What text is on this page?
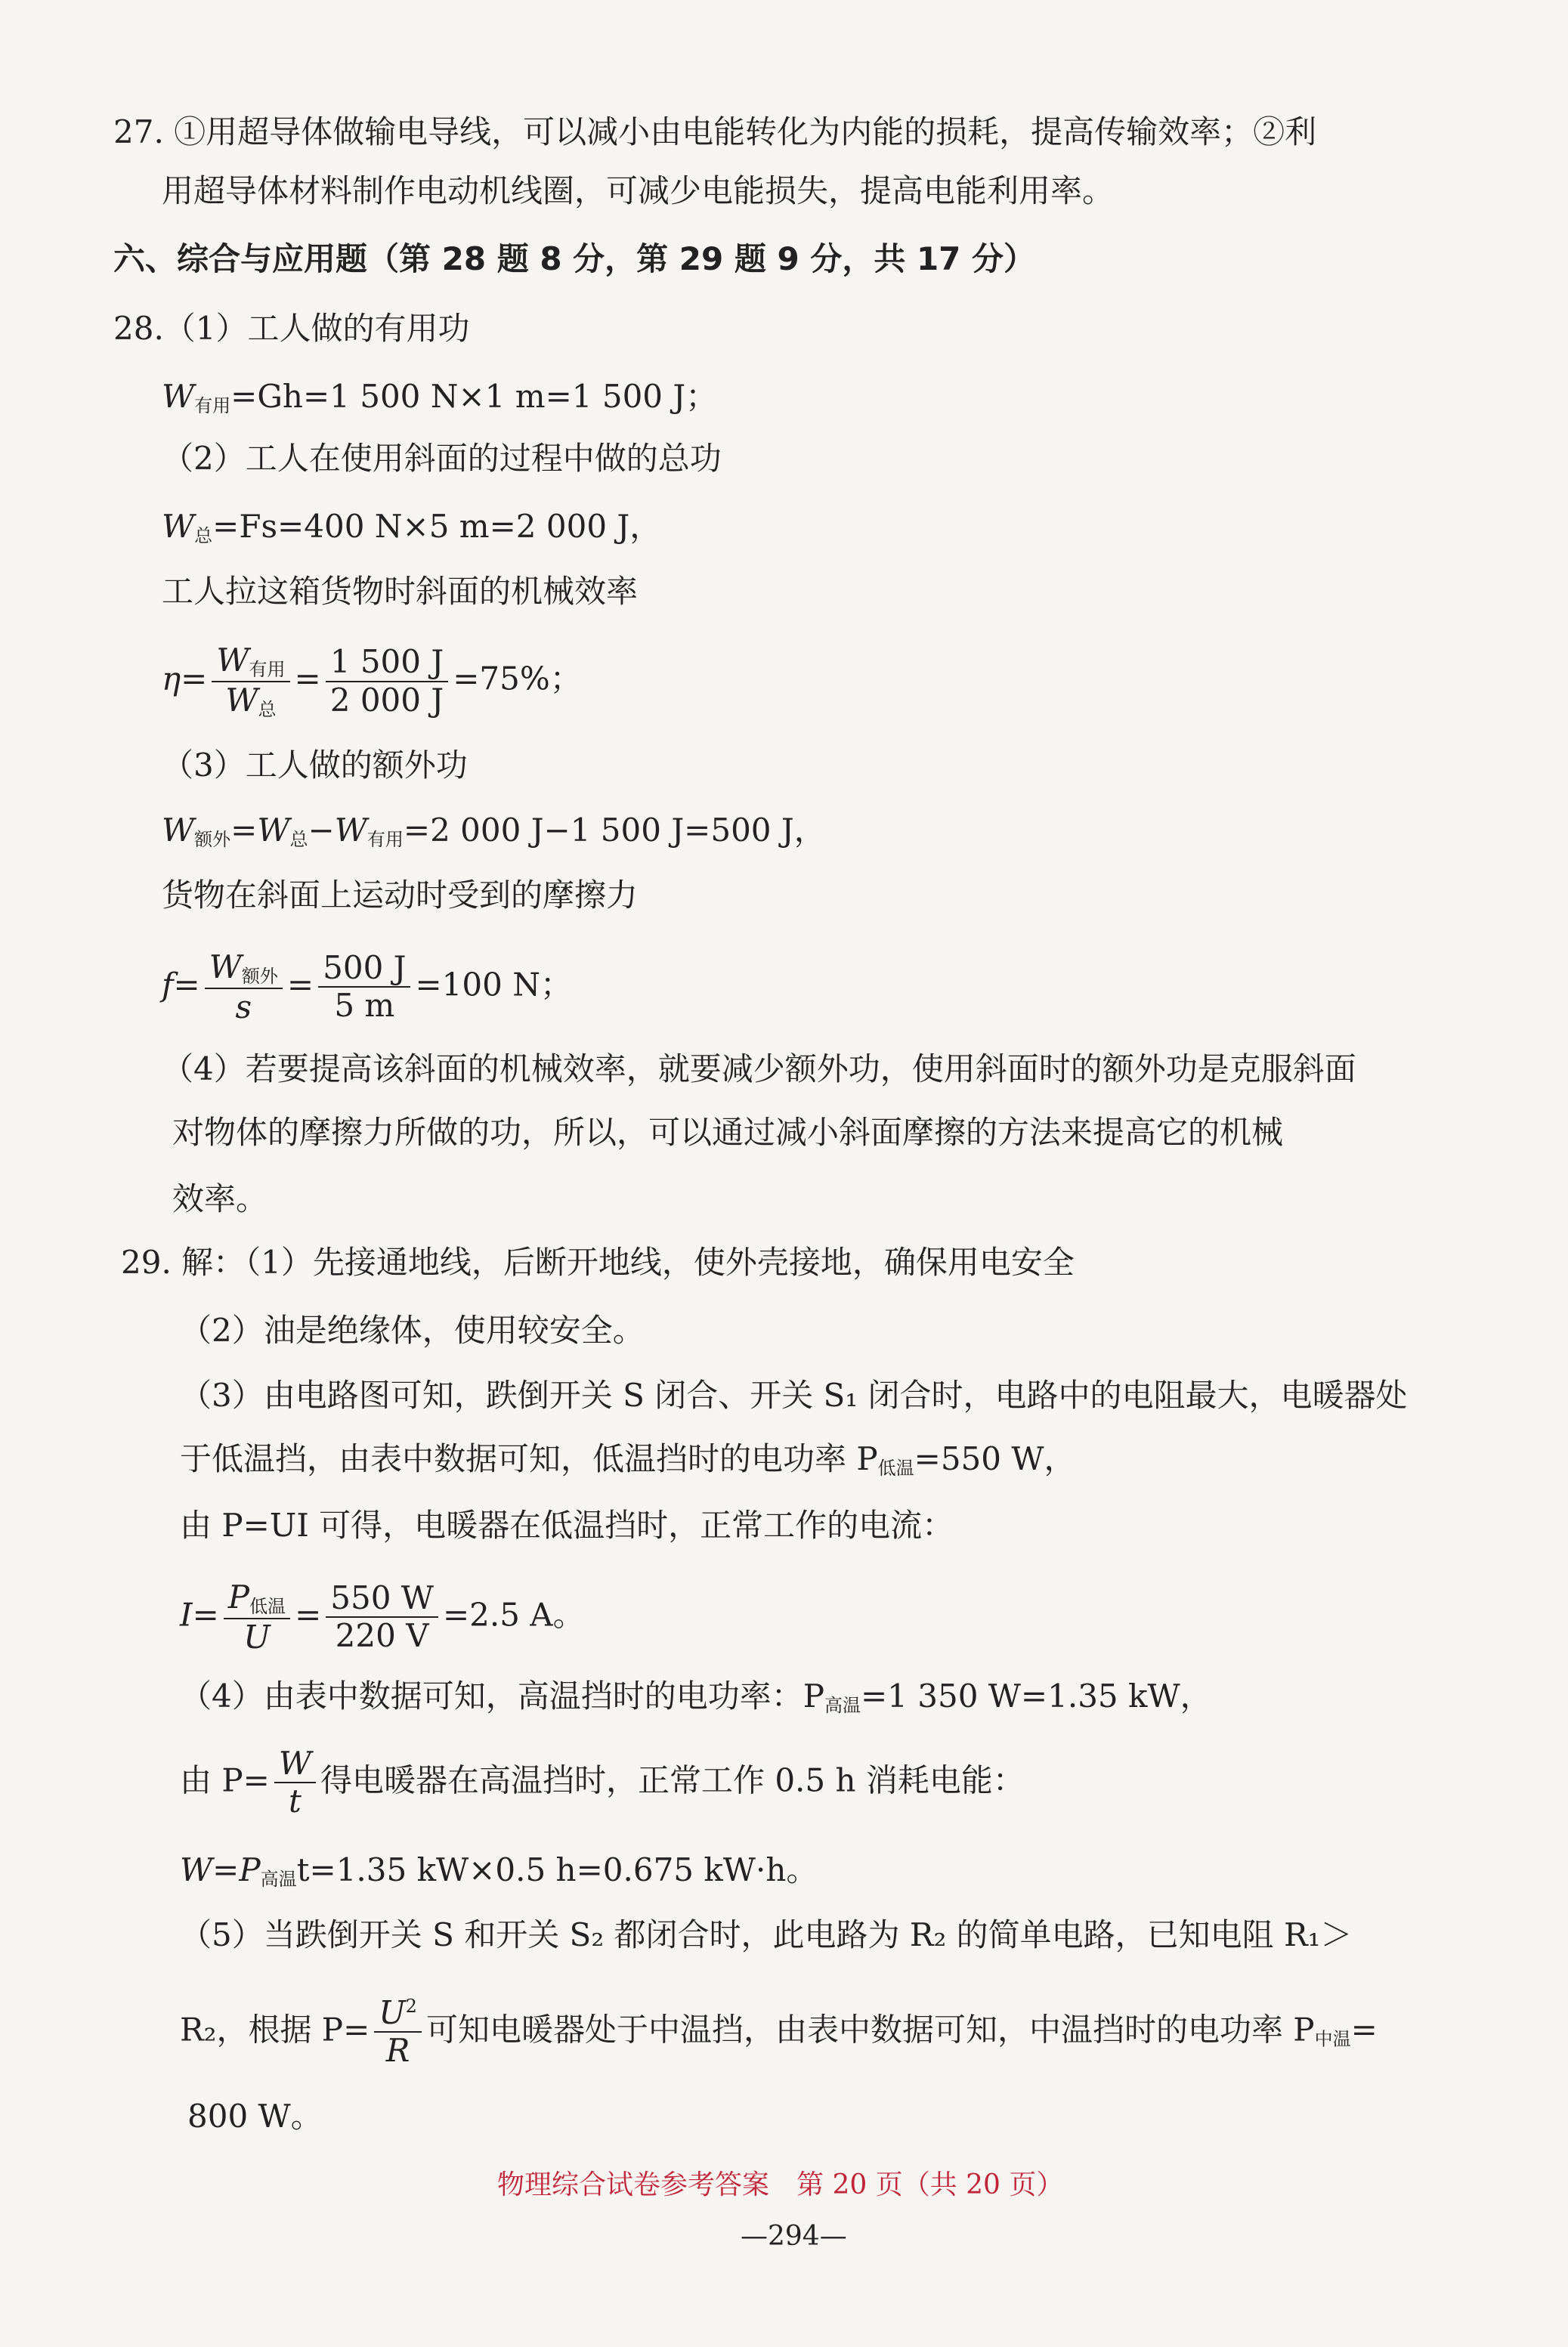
27. ①用超导体做输电导线，可以减小由电能转化为内能的损耗，提高传输效率；②利
用超导体材料制作电动机线圈，可减少电能损失，提高电能利用率。
六、综合与应用题（第 28 题 8 分，第 29 题 9 分，共 17 分）
28.（1）工人做的有用功
$W_{有用}=Gh=1$ 500 N×1 m=1 500 J；
（2）工人在使用斜面的过程中做的总功
$W_总=Fs=400$ N×5 m=2 000 J，
工人拉这箱货物时斜面的机械效率
$\eta= \frac{W_{有用}}{W_总} = \frac{1 500 J}{2 000 J} =75\%$；
（3）工人做的额外功
$W_{额外}=W_总-W_{有用}=2$ 000 J−1 500 J=500 J，
货物在斜面上运动时受到的摩擦力
$f= \frac{W_{额外}}{s} = \frac{500 J}{5 m} =100$ N；
（4）若要提高该斜面的机械效率，就要减少额外功，使用斜面时的额外功是克服斜面
对物体的摩擦力所做的功，所以，可以通过减小斜面摩擦的方法来提高它的机械
效率。
29. 解：（1）先接通地线，后断开地线，使外壳接地，确保用电安全
（2）油是绝缘体，使用较安全。
（3）由电路图可知，跌倒开关 S 闭合、开关 S₁ 闭合时，电路中的电阻最大，电暖器处
于低温挡，由表中数据可知，低温挡时的电功率 $P_{低温}=550$ W，
由 P=UI 可得，电暖器在低温挡时，正常工作的电流：
$I= \frac{P_{低温}}{U} = \frac{550 W}{220 V} =2.5$ A。
（4）由表中数据可知，高温挡时的电功率：$P_{高温}=1$ 350 W=1.35 kW，
由 $P= \frac{W}{t}$ 得电暖器在高温挡时，正常工作 0.5 h 消耗电能：
$W=P_{高温}t=1.35$ kW×0.5 h=0.675 kW·h。
（5）当跌倒开关 S 和开关 S₂ 都闭合时，此电路为 R₂ 的简单电路，已知电阻 R₁＞
R₂，根据 $P= \frac{U^2}{R}$ 可知电暖器处于中温挡，由表中数据可知，中温挡时的电功率 $P_{中温}=$
800 W。
物理综合试卷参考答案　第 20 页（共 20 页）
—294—
